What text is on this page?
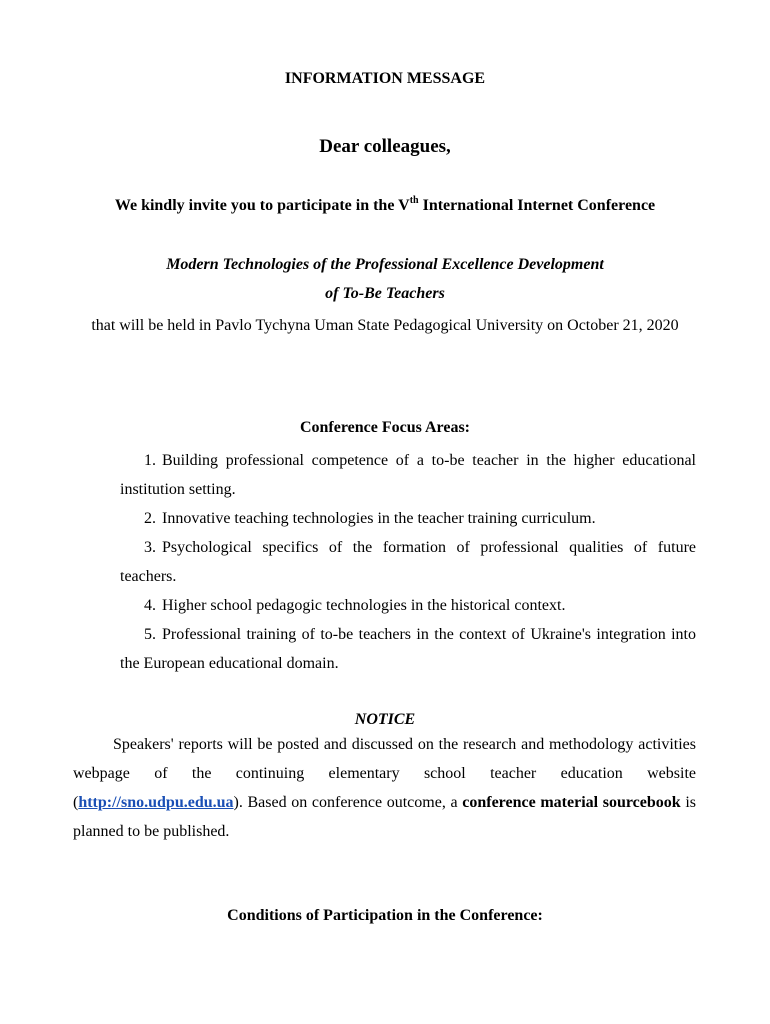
INFORMATION MESSAGE
Dear colleagues,
We kindly invite you to participate in the Vth International Internet Conference
Modern Technologies of the Professional Excellence Development
of To-Be Teachers
that will be held in Pavlo Tychyna Uman State Pedagogical University on October 21, 2020
Conference Focus Areas:
1. Building professional competence of a to-be teacher in the higher educational institution setting.
2. Innovative teaching technologies in the teacher training curriculum.
3. Psychological specifics of the formation of professional qualities of future teachers.
4. Higher school pedagogic technologies in the historical context.
5. Professional training of to-be teachers in the context of Ukraine's integration into the European educational domain.
NOTICE

Speakers' reports will be posted and discussed on the research and methodology activities webpage of the continuing elementary school teacher education website (http://sno.udpu.edu.ua). Based on conference outcome, a conference material sourcebook is planned to be published.

Conditions of Participation in the Conference:
